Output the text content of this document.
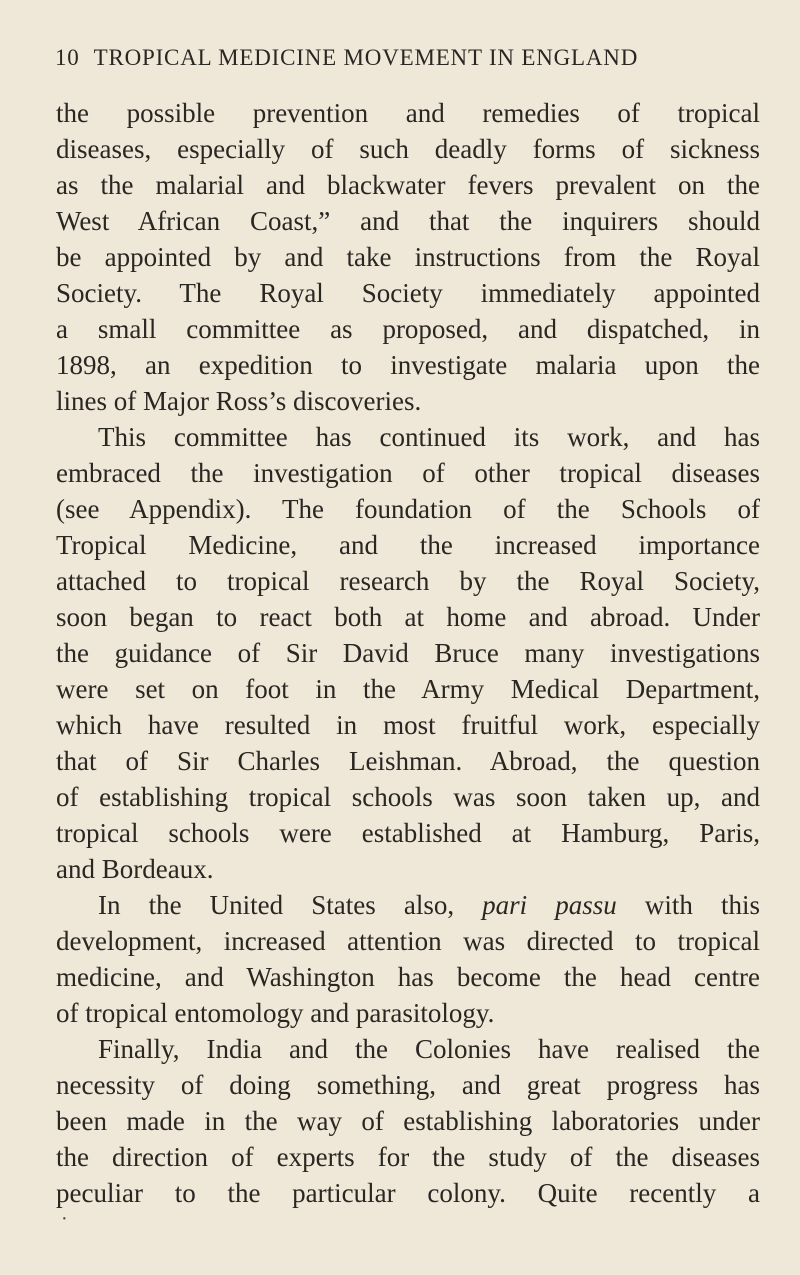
10 TROPICAL MEDICINE MOVEMENT IN ENGLAND
the possible prevention and remedies of tropical
diseases, especially of such deadly forms of sickness
as the malarial and blackwater fevers prevalent on the
West African Coast,” and that the inquirers should
be appointed by and take instructions from the Royal
Society. The Royal Society immediately appointed
a small committee as proposed, and dispatched, in
1898, an expedition to investigate malaria upon the
lines of Major Ross’s discoveries.
This committee has continued its work, and has
embraced the investigation of other tropical diseases
(see Appendix). The foundation of the Schools of
Tropical Medicine, and the increased importance
attached to tropical research by the Royal Society,
soon began to react both at home and abroad. Under
the guidance of Sir David Bruce many investigations
were set on foot in the Army Medical Department,
which have resulted in most fruitful work, especially
that of Sir Charles Leishman. Abroad, the question
of establishing tropical schools was soon taken up, and
tropical schools were established at Hamburg, Paris,
and Bordeaux.
In the United States also, pari passu with this
development, increased attention was directed to tropical
medicine, and Washington has become the head centre
of tropical entomology and parasitology.
Finally, India and the Colonies have realised the
necessity of doing something, and great progress has
been made in the way of establishing laboratories under
the direction of experts for the study of the diseases
peculiar to the particular colony. Quite recently a
·
